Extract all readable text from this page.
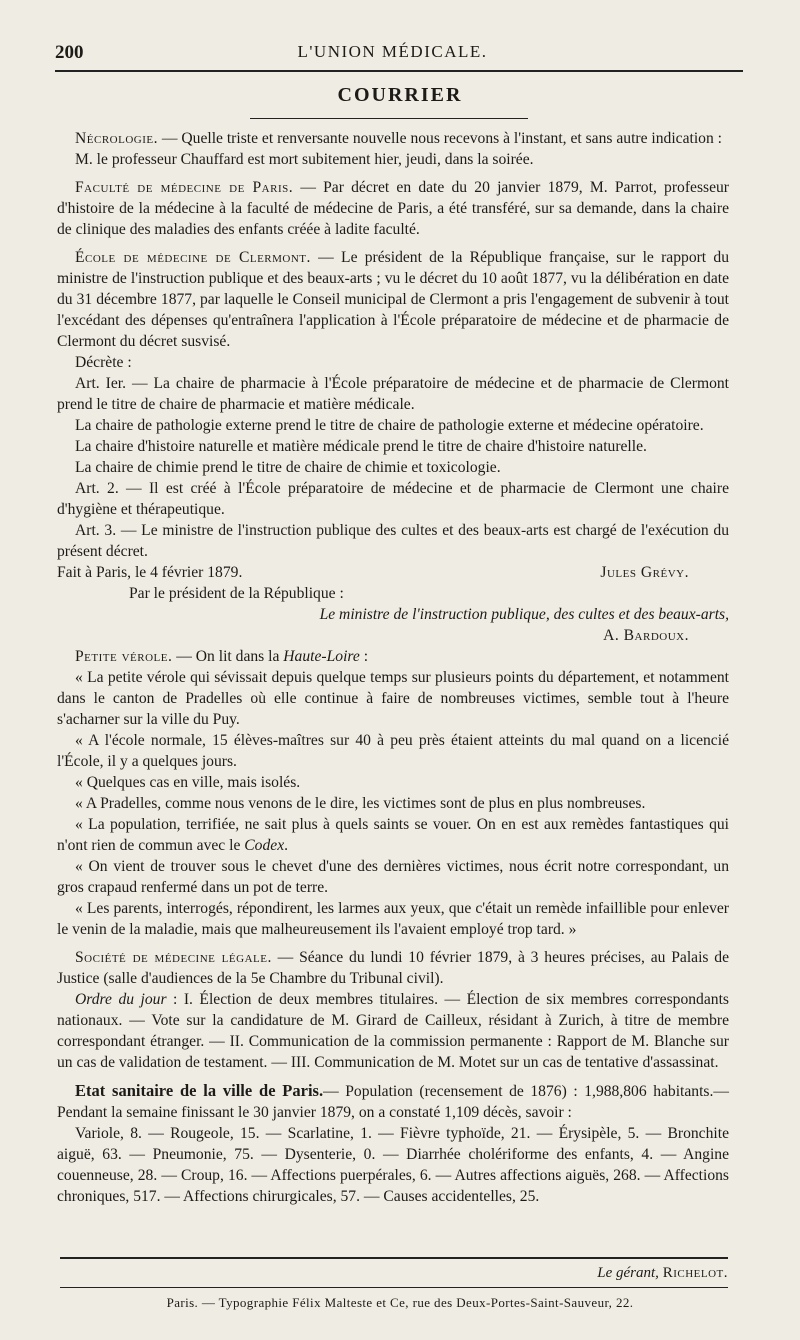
200	L'UNION MÉDICALE.
COURRIER

Nécrologie. — Quelle triste et renversante nouvelle nous recevons à l'instant, et sans autre indication :

M. le professeur Chauffard est mort subitement hier, jeudi, dans la soirée.

Faculté de médecine de Paris. — Par décret en date du 20 janvier 1879, M. Parrot, professeur d'histoire de la médecine à la faculté de médecine de Paris, a été transféré, sur sa demande, dans la chaire de clinique des maladies des enfants créée à ladite faculté.

École de médecine de Clermont. — Le président de la République française, sur le rapport du ministre de l'instruction publique et des beaux-arts ; vu le décret du 10 août 1877, vu la délibération en date du 31 décembre 1877, par laquelle le Conseil municipal de Clermont a pris l'engagement de subvenir à tout l'excédant des dépenses qu'entraînera l'application à l'École préparatoire de médecine et de pharmacie de Clermont du décret susvisé.

Décrète :

Art. Ier. — La chaire de pharmacie à l'École préparatoire de médecine et de pharmacie de Clermont prend le titre de chaire de pharmacie et matière médicale.

La chaire de pathologie externe prend le titre de chaire de pathologie externe et médecine opératoire.

La chaire d'histoire naturelle et matière médicale prend le titre de chaire d'histoire naturelle.

La chaire de chimie prend le titre de chaire de chimie et toxicologie.

Art. 2. — Il est créé à l'École préparatoire de médecine et de pharmacie de Clermont une chaire d'hygiène et thérapeutique.

Art. 3. — Le ministre de l'instruction publique des cultes et des beaux-arts est chargé de l'exécution du présent décret.

Fait à Paris, le 4 février 1879.	Jules Grévy.

Par le président de la République :

Le ministre de l'instruction publique, des cultes et des beaux-arts,

A. Bardoux.

Petite vérole. — On lit dans la Haute-Loire :

« La petite vérole qui sévissait depuis quelque temps sur plusieurs points du département, et notamment dans le canton de Pradelles où elle continue à faire de nombreuses victimes, semble tout à l'heure s'acharner sur la ville du Puy.

« A l'école normale, 15 élèves-maîtres sur 40 à peu près étaient atteints du mal quand on a licencié l'École, il y a quelques jours.

« Quelques cas en ville, mais isolés.

« A Pradelles, comme nous venons de le dire, les victimes sont de plus en plus nombreuses.

« La population, terrifiée, ne sait plus à quels saints se vouer. On en est aux remèdes fantastiques qui n'ont rien de commun avec le Codex.

« On vient de trouver sous le chevet d'une des dernières victimes, nous écrit notre correspondant, un gros crapaud renfermé dans un pot de terre.

« Les parents, interrogés, répondirent, les larmes aux yeux, que c'était un remède infaillible pour enlever le venin de la maladie, mais que malheureusement ils l'avaient employé trop tard. »

Société de médecine légale. — Séance du lundi 10 février 1879, à 3 heures précises, au Palais de Justice (salle d'audiences de la 5e Chambre du Tribunal civil).

Ordre du jour : I. Élection de deux membres titulaires. — Élection de six membres correspondants nationaux. — Vote sur la candidature de M. Girard de Cailleux, résidant à Zurich, à titre de membre correspondant étranger. — II. Communication de la commission permanente : Rapport de M. Blanche sur un cas de validation de testament. — III. Communication de M. Motet sur un cas de tentative d'assassinat.

Etat sanitaire de la ville de Paris.— Population (recensement de 1876) : 1,988,806 habitants.—Pendant la semaine finissant le 30 janvier 1879, on a constaté 1,109 décès, savoir :

Variole, 8. — Rougeole, 15. — Scarlatine, 1. — Fièvre typhoïde, 21. — Érysipèle, 5. — Bronchite aiguë, 63. — Pneumonie, 75. — Dysenterie, 0. — Diarrhée cholériforme des enfants, 4. — Angine couenneuse, 28. — Croup, 16. — Affections puerpérales, 6. — Autres affections aiguës, 268. — Affections chroniques, 517. — Affections chirurgicales, 57. — Causes accidentelles, 25.

Le gérant, Richelot.
Paris. — Typographie Félix Malteste et Ce, rue des Deux-Portes-Saint-Sauveur, 22.
